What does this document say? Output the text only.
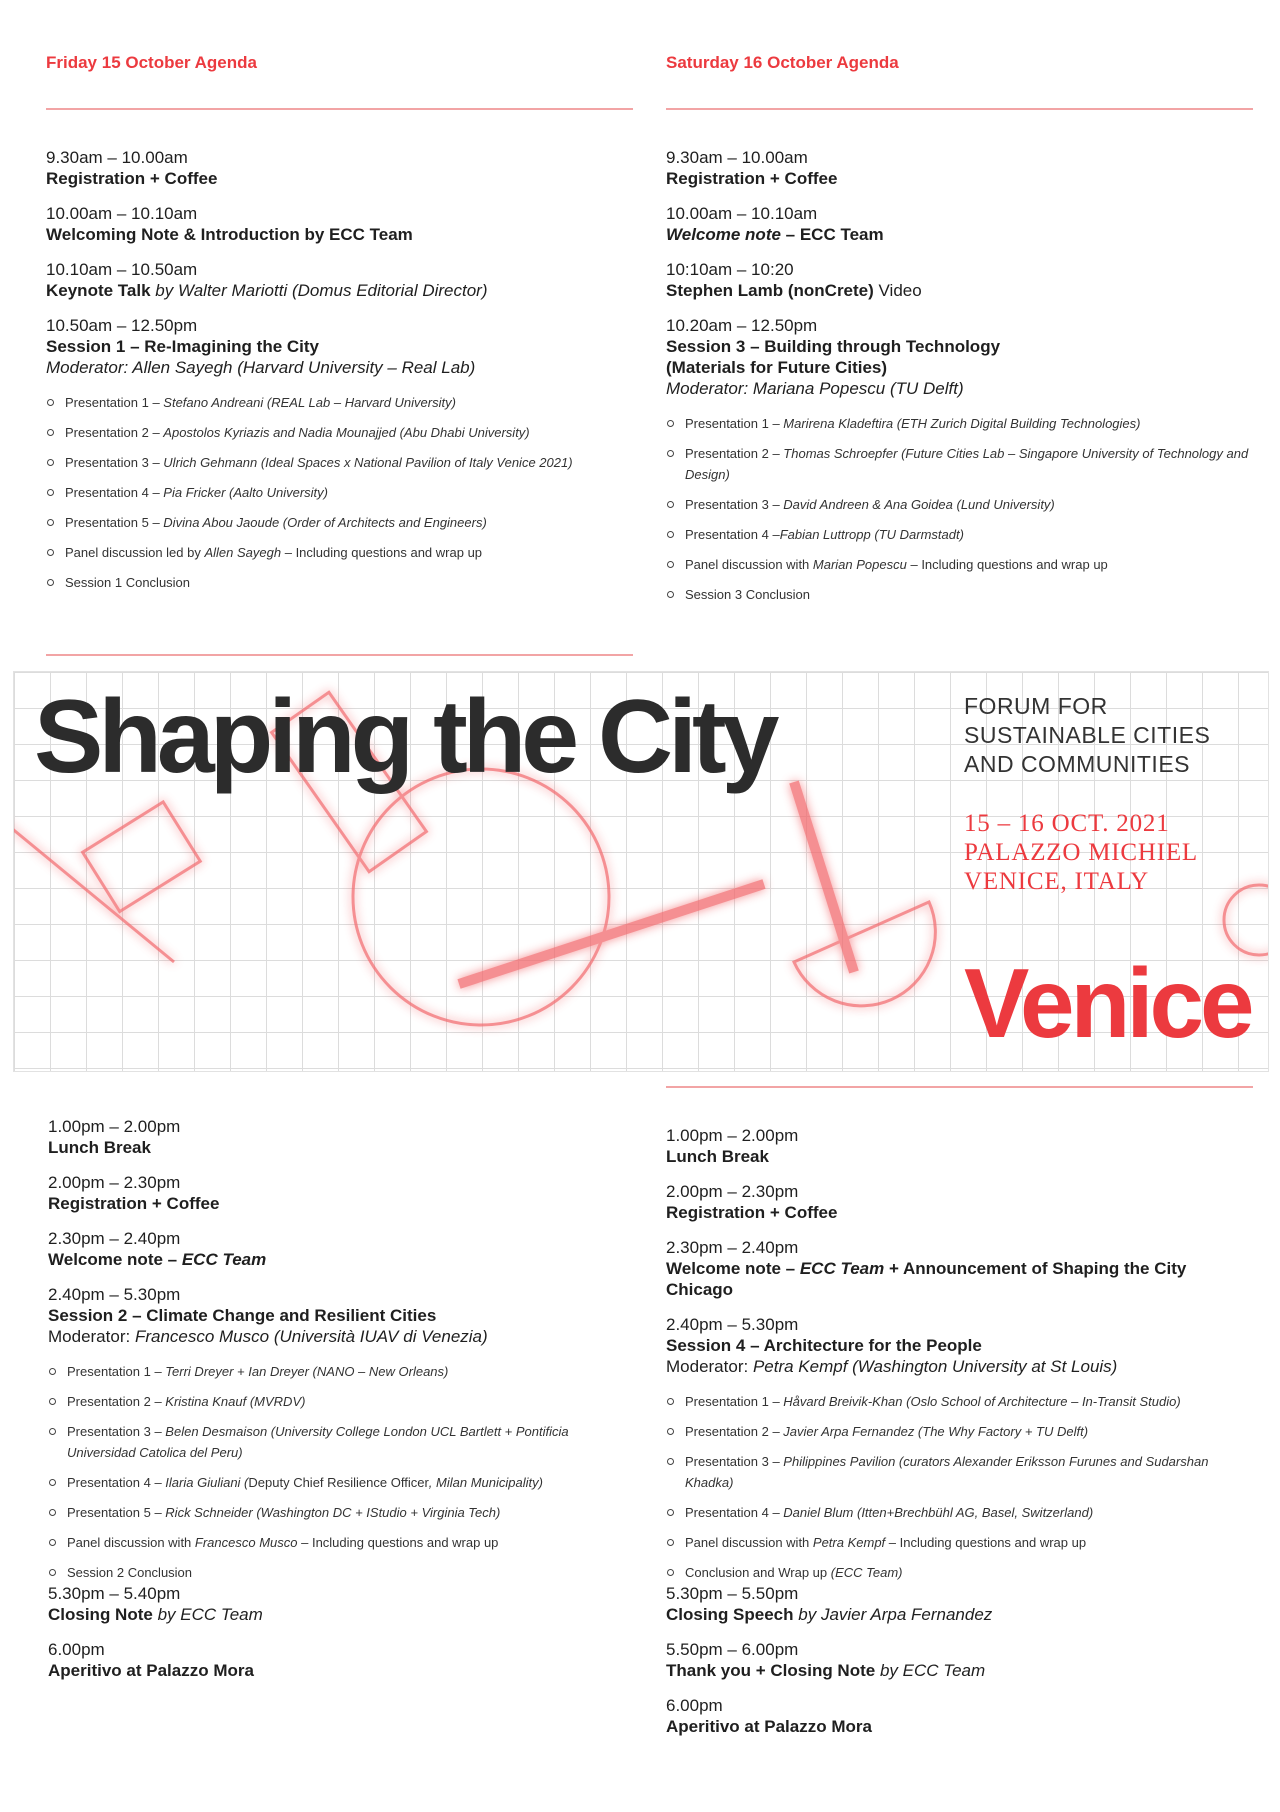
Friday 15 October Agenda
9.30am – 10.00am
Registration + Coffee
10.00am – 10.10am
Welcoming Note & Introduction by ECC Team
10.10am – 10.50am
Keynote Talk by Walter Mariotti (Domus Editorial Director)
10.50am – 12.50pm
Session 1 – Re-Imagining the City
Moderator: Allen Sayegh (Harvard University – Real Lab)
Presentation 1 – Stefano Andreani (REAL Lab – Harvard University)
Presentation 2 – Apostolos Kyriazis and Nadia Mounajjed (Abu Dhabi University)
Presentation 3 – Ulrich Gehmann (Ideal Spaces x National Pavilion of Italy Venice 2021)
Presentation 4 – Pia Fricker (Aalto University)
Presentation 5 – Divina Abou Jaoude (Order of Architects and Engineers)
Panel discussion led by Allen Sayegh – Including questions and wrap up
Session 1 Conclusion
Saturday 16 October Agenda
9.30am – 10.00am
Registration + Coffee
10.00am – 10.10am
Welcome note – ECC Team
10:10am – 10:20
Stephen Lamb (nonCrete) Video
10.20am – 12.50pm
Session 3 – Building through Technology (Materials for Future Cities)
Moderator: Mariana Popescu (TU Delft)
Presentation 1 – Marirena Kladeftira (ETH Zurich Digital Building Technologies)
Presentation 2 – Thomas Schroepfer (Future Cities Lab – Singapore University of Technology and Design)
Presentation 3 – David Andreen & Ana Goidea (Lund University)
Presentation 4 –Fabian Luttropp (TU Darmstadt)
Panel discussion with Marian Popescu – Including questions and wrap up
Session 3 Conclusion
Shaping the City	FORUM FOR
SUSTAINABLE CITIES
AND COMMUNITIES
15 – 16 OCT. 2021
PALAZZO MICHIEL
VENICE, ITALY
Venice
1.00pm – 2.00pm
Lunch Break
2.00pm – 2.30pm
Registration + Coffee
2.30pm – 2.40pm
Welcome note – ECC Team
2.40pm – 5.30pm
Session 2 – Climate Change and Resilient Cities
Moderator: Francesco Musco (Università IUAV di Venezia)
Presentation 1 – Terri Dreyer + Ian Dreyer (NANO – New Orleans)
Presentation 2 – Kristina Knauf (MVRDV)
Presentation 3 – Belen Desmaison (University College London UCL Bartlett + Pontificia Universidad Catolica del Peru)
Presentation 4 – Ilaria Giuliani (Deputy Chief Resilience Officer, Milan Municipality)
Presentation 5 – Rick Schneider (Washington DC + IStudio + Virginia Tech)
Panel discussion with Francesco Musco – Including questions and wrap up
Session 2 Conclusion
5.30pm – 5.40pm
Closing Note by ECC Team
6.00pm
Aperitivo at Palazzo Mora
1.00pm – 2.00pm
Lunch Break
2.00pm – 2.30pm
Registration + Coffee
2.30pm – 2.40pm
Welcome note – ECC Team + Announcement of Shaping the City Chicago
2.40pm – 5.30pm
Session 4 – Architecture for the People
Moderator: Petra Kempf (Washington University at St Louis)
Presentation 1 – Håvard Breivik-Khan (Oslo School of Architecture – In-Transit Studio)
Presentation 2 – Javier Arpa Fernandez (The Why Factory + TU Delft)
Presentation 3 – Philippines Pavilion (curators Alexander Eriksson Furunes and Sudarshan Khadka)
Presentation 4 – Daniel Blum (Itten+Brechbühl AG, Basel, Switzerland)
Panel discussion with Petra Kempf – Including questions and wrap up
Conclusion and Wrap up (ECC Team)
5.30pm – 5.50pm
Closing Speech by Javier Arpa Fernandez
5.50pm – 6.00pm
Thank you + Closing Note by ECC Team
6.00pm
Aperitivo at Palazzo Mora
